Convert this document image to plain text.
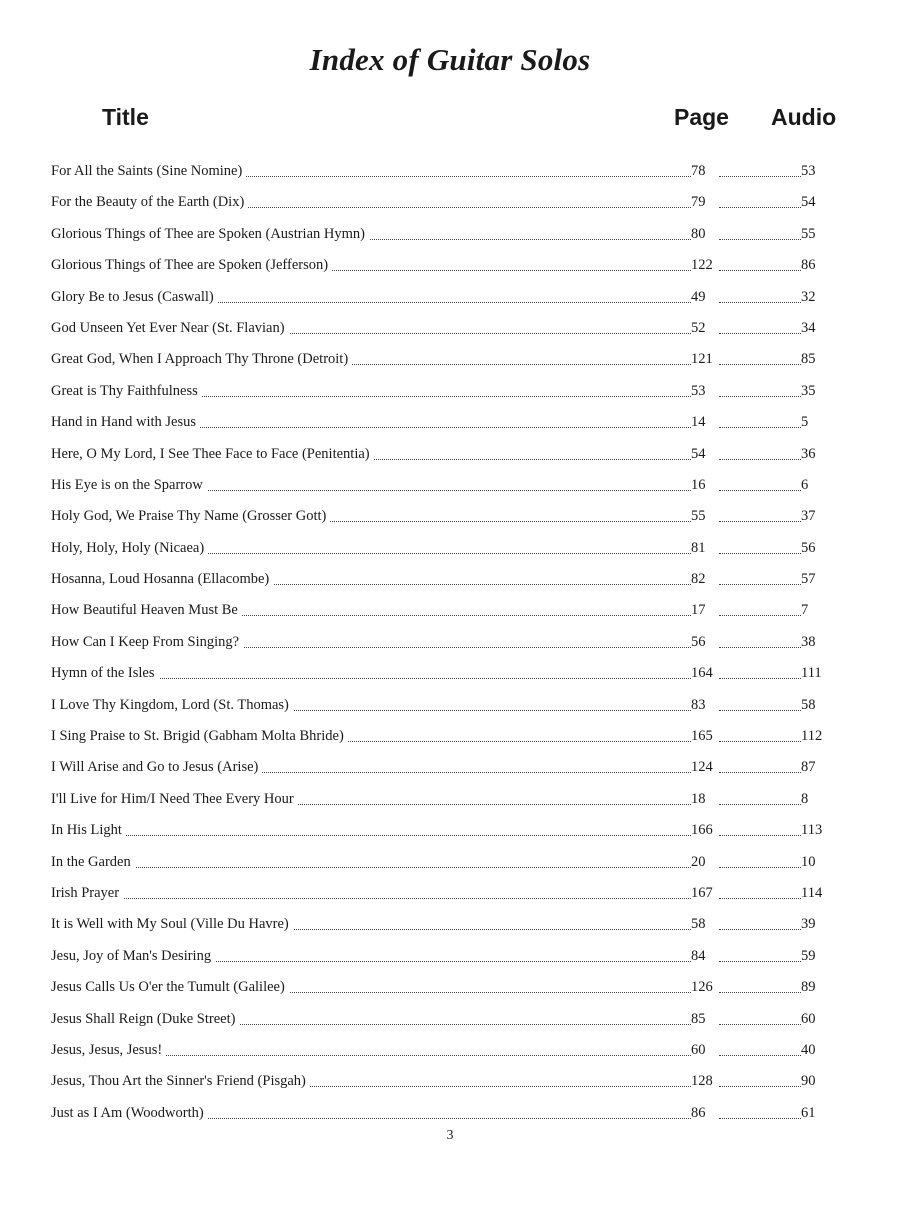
Index of Guitar Solos
Title	Page Audio
For All the Saints (Sine Nomine)	78	53
For the Beauty of the Earth (Dix)	79	54
Glorious Things of Thee are Spoken (Austrian Hymn)	80	55
Glorious Things of Thee are Spoken (Jefferson)	122	86
Glory Be to Jesus (Caswall)	49	32
God Unseen Yet Ever Near (St. Flavian)	52	34
Great God, When I Approach Thy Throne (Detroit)	121	85
Great is Thy Faithfulness	53	35
Hand in Hand with Jesus	14	5
Here, O My Lord, I See Thee Face to Face (Penitentia)	54	36
His Eye is on the Sparrow	16	6
Holy God, We Praise Thy Name (Grosser Gott)	55	37
Holy, Holy, Holy (Nicaea)	81	56
Hosanna, Loud Hosanna (Ellacombe)	82	57
How Beautiful Heaven Must Be	17	7
How Can I Keep From Singing?	56	38
Hymn of the Isles	164	111
I Love Thy Kingdom, Lord (St. Thomas)	83	58
I Sing Praise to St. Brigid (Gabham Molta Bhride)	165	112
I Will Arise and Go to Jesus (Arise)	124	87
I'll Live for Him/I Need Thee Every Hour	18	8
In His Light	166	113
In the Garden	20	10
Irish Prayer	167	114
It is Well with My Soul (Ville Du Havre)	58	39
Jesu, Joy of Man's Desiring	84	59
Jesus Calls Us O'er the Tumult (Galilee)	126	89
Jesus Shall Reign (Duke Street)	85	60
Jesus, Jesus, Jesus!	60	40
Jesus, Thou Art the Sinner's Friend (Pisgah)	128	90
Just as I Am (Woodworth)	86	61
3
